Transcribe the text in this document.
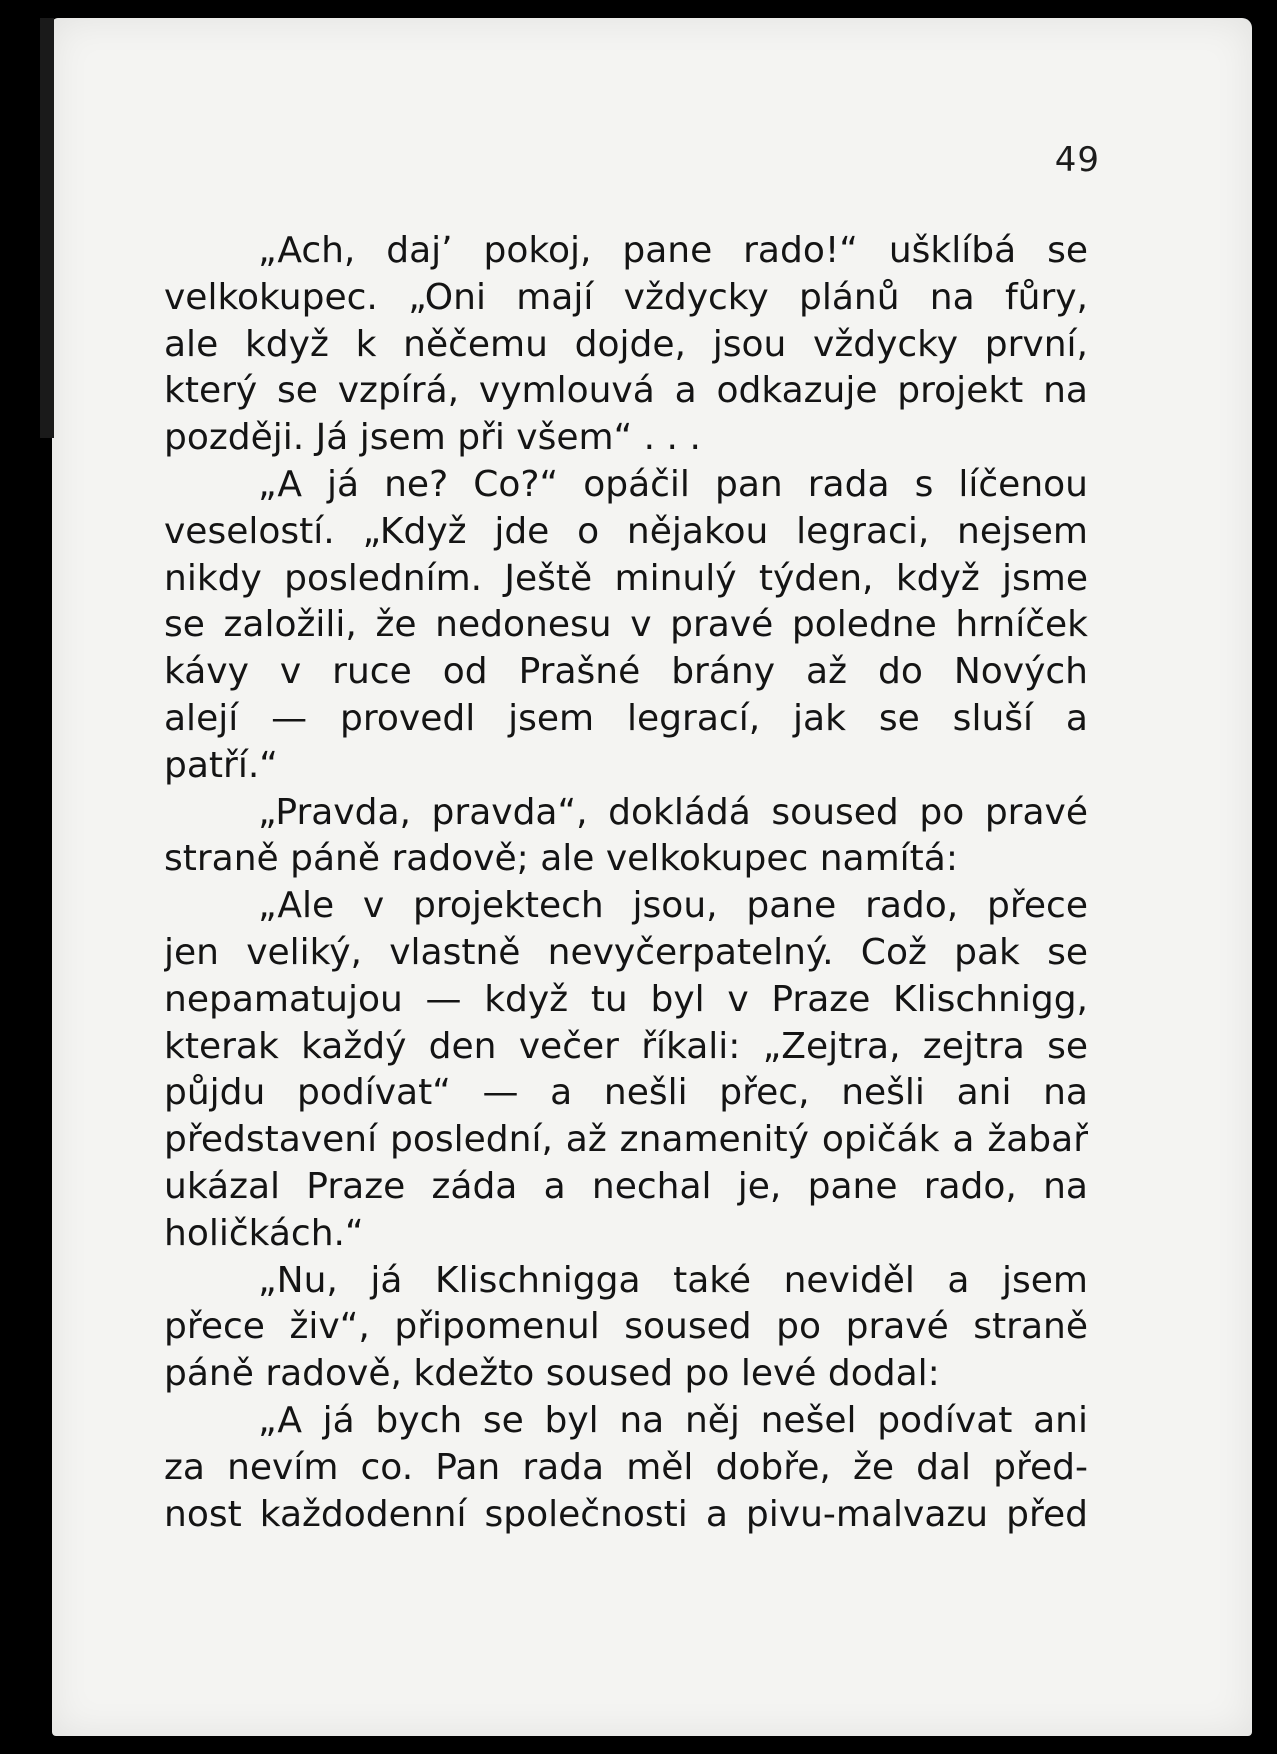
49
„Ach, daj’ pokoj, pane rado!“ ušklíbá se
velkokupec. „Oni mají vždycky plánů na fůry,
ale když k něčemu dojde, jsou vždycky první,
který se vzpírá, vymlouvá a odkazuje projekt na
později. Já jsem při všem“ . . .
„A já ne? Co?“ opáčil pan rada s líčenou
veselostí. „Když jde o nějakou legraci, nejsem
nikdy posledním. Ještě minulý týden, když jsme
se založili, že nedonesu v pravé poledne hrníček
kávy v ruce od Prašné brány až do Nových
alejí — provedl jsem legrací, jak se sluší a
patří.“
„Pravda, pravda“, dokládá soused po pravé
straně páně radově; ale velkokupec namítá:
„Ale v projektech jsou, pane rado, přece
jen veliký, vlastně nevyčerpatelný. Což pak se
nepamatujou — když tu byl v Praze Klischnigg,
kterak každý den večer říkali: „Zejtra, zejtra se
půjdu podívat“ — a nešli přec, nešli ani na
představení poslední, až znamenitý opičák a žabař
ukázal Praze záda a nechal je, pane rado, na
holičkách.“
„Nu, já Klischnigga také neviděl a jsem
přece živ“, připomenul soused po pravé straně
páně radově, kdežto soused po levé dodal:
„A já bych se byl na něj nešel podívat ani
za nevím co. Pan rada měl dobře, že dal před-
nost každodenní společnosti a pivu-malvazu před
